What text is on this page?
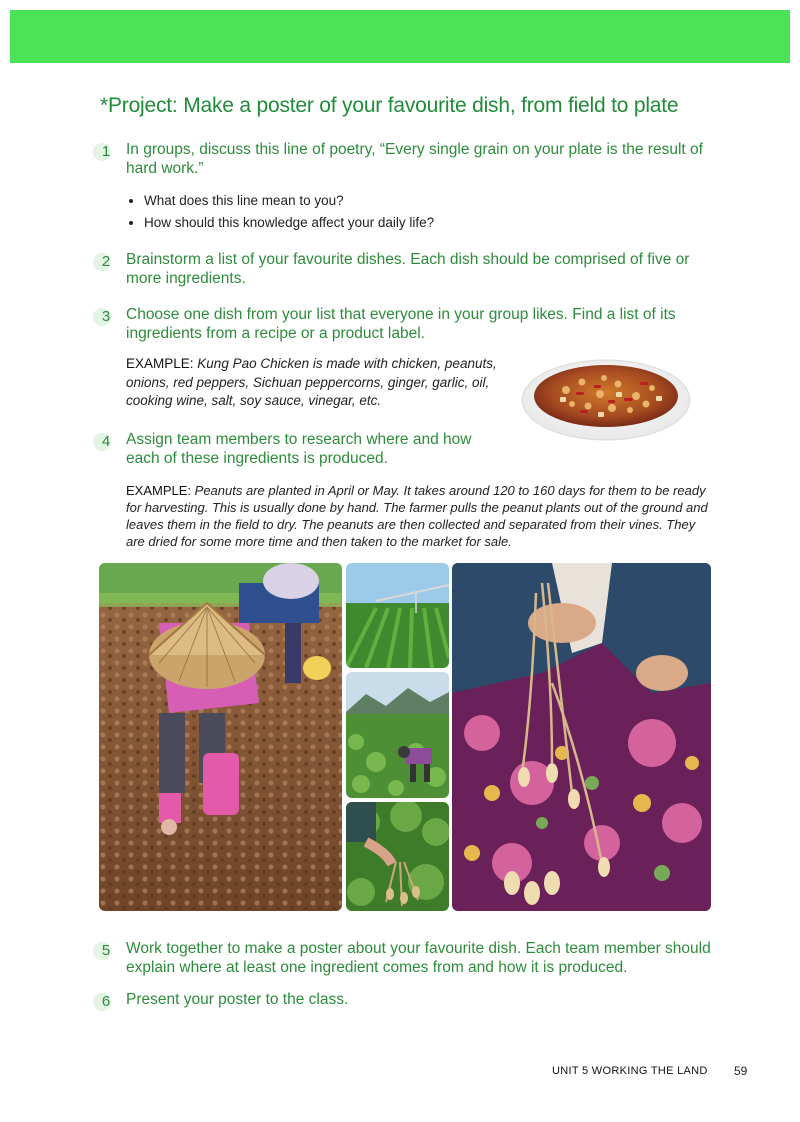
*Project: Make a poster of your favourite dish, from field to plate
1	In groups, discuss this line of poetry, “Every single grain on your plate is the result of hard work.”
• What does this line mean to you?
• How should this knowledge affect your daily life?
2	Brainstorm a list of your favourite dishes. Each dish should be comprised of five or more ingredients.
3	Choose one dish from your list that everyone in your group likes. Find a list of its ingredients from a recipe or a product label.
EXAMPLE: Kung Pao Chicken is made with chicken, peanuts, onions, red peppers, Sichuan peppercorns, ginger, garlic, oil, cooking wine, salt, soy sauce, vinegar, etc.
4	Assign team members to research where and how each of these ingredients is produced.
EXAMPLE: Peanuts are planted in April or May. It takes around 120 to 160 days for them to be ready for harvesting. This is usually done by hand. The farmer pulls the peanut plants out of the ground and leaves them in the field to dry. The peanuts are then collected and separated from their vines. They are dried for some more time and then taken to the market for sale.
5	Work together to make a poster about your favourite dish. Each team member should explain where at least one ingredient comes from and how it is produced.
6	Present your poster to the class.
UNIT 5 WORKING THE LAND 59
